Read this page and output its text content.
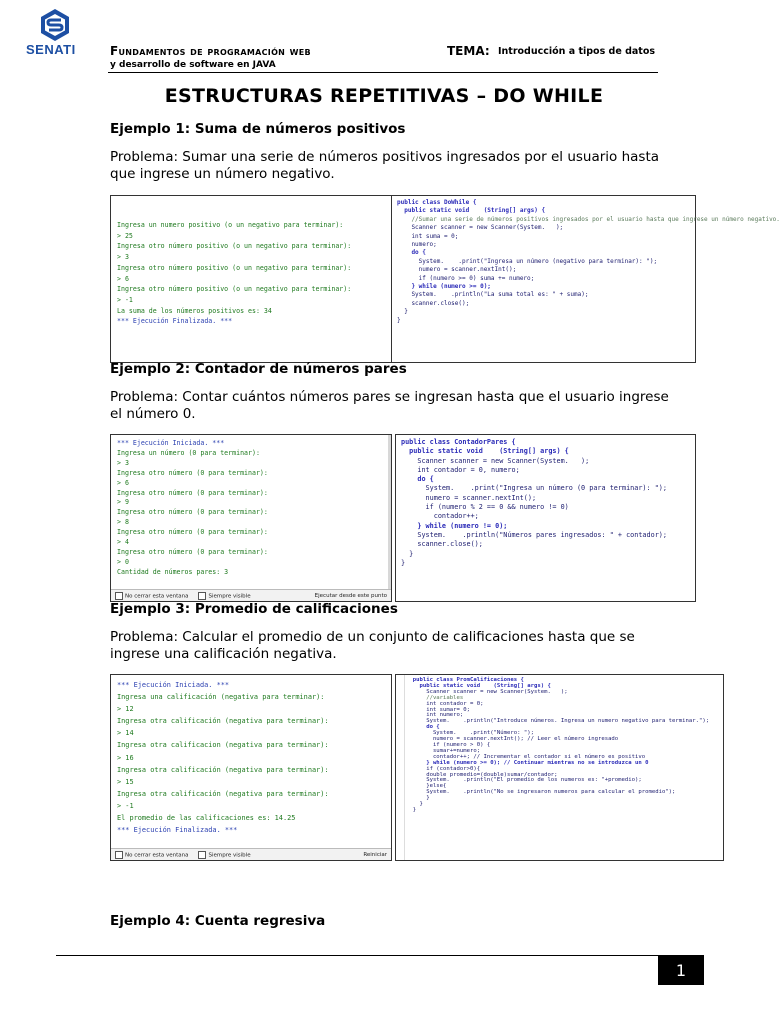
SENATI	Fundamentos de programación web
y desarrollo de software en JAVA
TEMA: Introducción a tipos de datos
ESTRUCTURAS REPETITIVAS – DO WHILE
Ejemplo 1: Suma de números positivos
Problema: Sumar una serie de números positivos ingresados por el usuario hasta que ingrese un número negativo.
Ingresa un numero positivo (o un negativo para terminar):
> 25
Ingresa otro número positivo (o un negativo para terminar):
> 3
Ingresa otro número positivo (o un negativo para terminar):
> 6
Ingresa otro número positivo (o un negativo para terminar):
> -1
La suma de los números positivos es: 34
*** Ejecución Finalizada. ***
public class DoWhile {
public static void    (String[] args) {
//Sumar una serie de números positivos ingresados por el usuario hasta que ingrese un número negativo.
Scanner scanner = new Scanner(System.   );
int suma = 0;
numero;
do {
System.    .print("Ingresa un número (negativo para terminar): ");
numero = scanner.nextInt();
if (numero >= 0) suma += numero;
} while (numero >= 0);
System.    .println("La suma total es: " + suma);
scanner.close();
}
}
Ejemplo 2: Contador de números pares
Problema: Contar cuántos números pares se ingresan hasta que el usuario ingrese el número 0.
*** Ejecución Iniciada. ***
Ingresa un número (0 para terminar):
> 3
Ingresa otro número (0 para terminar):
> 6
Ingresa otro número (0 para terminar):
> 9
Ingresa otro número (0 para terminar):
> 8
Ingresa otro número (0 para terminar):
> 4
Ingresa otro número (0 para terminar):
> 0
Cantidad de números pares: 3
No cerrar esta ventana	Siempre visible	Ejecutar desde este punto
public class ContadorPares {
public static void    (String[] args) {
Scanner scanner = new Scanner(System.   );
int contador = 0, numero;
do {
System.    .print("Ingresa un número (0 para terminar): ");
numero = scanner.nextInt();
if (numero % 2 == 0 && numero != 0)
contador++;
} while (numero != 0);
System.    .println("Números pares ingresados: " + contador);
scanner.close();
}
}
Ejemplo 3: Promedio de calificaciones
Problema: Calcular el promedio de un conjunto de calificaciones hasta que se ingrese una calificación negativa.
*** Ejecución Iniciada. ***
Ingresa una calificación (negativa para terminar):
> 12
Ingresa otra calificación (negativa para terminar):
> 14
Ingresa otra calificacion (negativa para terminar):
> 16
Ingresa otra calificación (negativa para terminar):
> 15
Ingresa otra calificación (negativa para terminar):
> -1
El promedio de las calificaciones es: 14.25
*** Ejecución Finalizada. ***
No cerrar esta ventana	Siempre visible	Reiniciar
public class PromCalificaciones {
public static void    (String[] args) {
Scanner scanner = new Scanner(System.   );
//variables
int contador = 0;
int sumar= 0;
int numero;
System.    .println("Introduce números. Ingresa un numero negativo para terminar.");
do {
System.    .print("Número: ");
numero = scanner.nextInt(); // Leer el número ingresado
if (numero > 0) {
sumar+=numero;
contador++; // Incrementar el contador si el número es positivo
} while (numero >= 0); // Continuar mientras no se introduzca un 0
if (contador>0){
double promedio=(double)sumar/contador;
System.    .println("El promedio de los numeros es: "+promedio);
}else{
System.    .println("No se ingresaron numeros para calcular el promedio");
}
}
}
Ejemplo 4: Cuenta regresiva
1
